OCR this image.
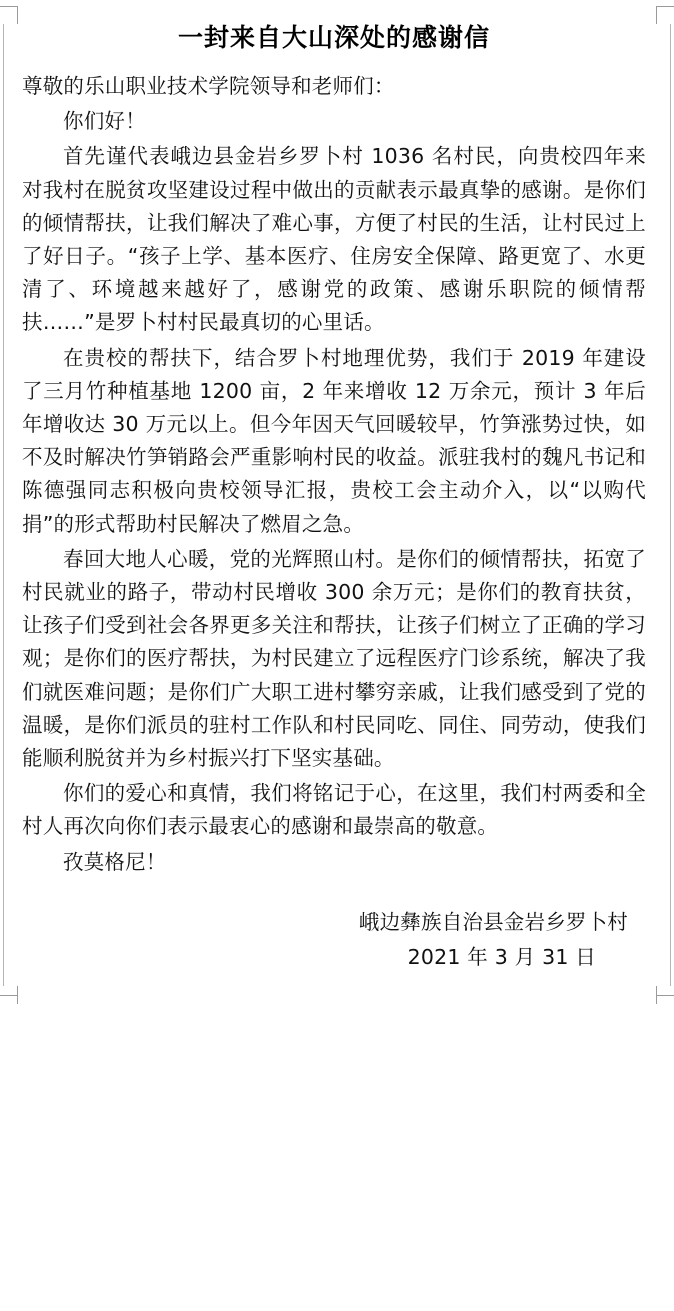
一封来自大山深处的感谢信

尊敬的乐山职业技术学院领导和老师们：

你们好！

首先谨代表峨边县金岩乡罗卜村 1036 名村民，向贵校四年来对我村在脱贫攻坚建设过程中做出的贡献表示最真挚的感谢。是你们的倾情帮扶，让我们解决了难心事，方便了村民的生活，让村民过上了好日子。“孩子上学、基本医疗、住房安全保障、路更宽了、水更清了、环境越来越好了，感谢党的政策、感谢乐职院的倾情帮扶……”是罗卜村村民最真切的心里话。

在贵校的帮扶下，结合罗卜村地理优势，我们于 2019 年建设了三月竹种植基地 1200 亩，2 年来增收 12 万余元，预计 3 年后年增收达 30 万元以上。但今年因天气回暖较早，竹笋涨势过快，如不及时解决竹笋销路会严重影响村民的收益。派驻我村的魏凡书记和陈德强同志积极向贵校领导汇报，贵校工会主动介入，以“以购代捐”的形式帮助村民解决了燃眉之急。

春回大地人心暖，党的光辉照山村。是你们的倾情帮扶，拓宽了村民就业的路子，带动村民增收 300 余万元；是你们的教育扶贫，让孩子们受到社会各界更多关注和帮扶，让孩子们树立了正确的学习观；是你们的医疗帮扶，为村民建立了远程医疗门诊系统，解决了我们就医难问题；是你们广大职工进村攀穷亲戚，让我们感受到了党的温暖，是你们派员的驻村工作队和村民同吃、同住、同劳动，使我们能顺利脱贫并为乡村振兴打下坚实基础。

你们的爱心和真情，我们将铭记于心，在这里，我们村两委和全村人再次向你们表示最衷心的感谢和最崇高的敬意。

孜莫格尼！

峨边彝族自治县金岩乡罗卜村
2021 年 3 月 31 日
